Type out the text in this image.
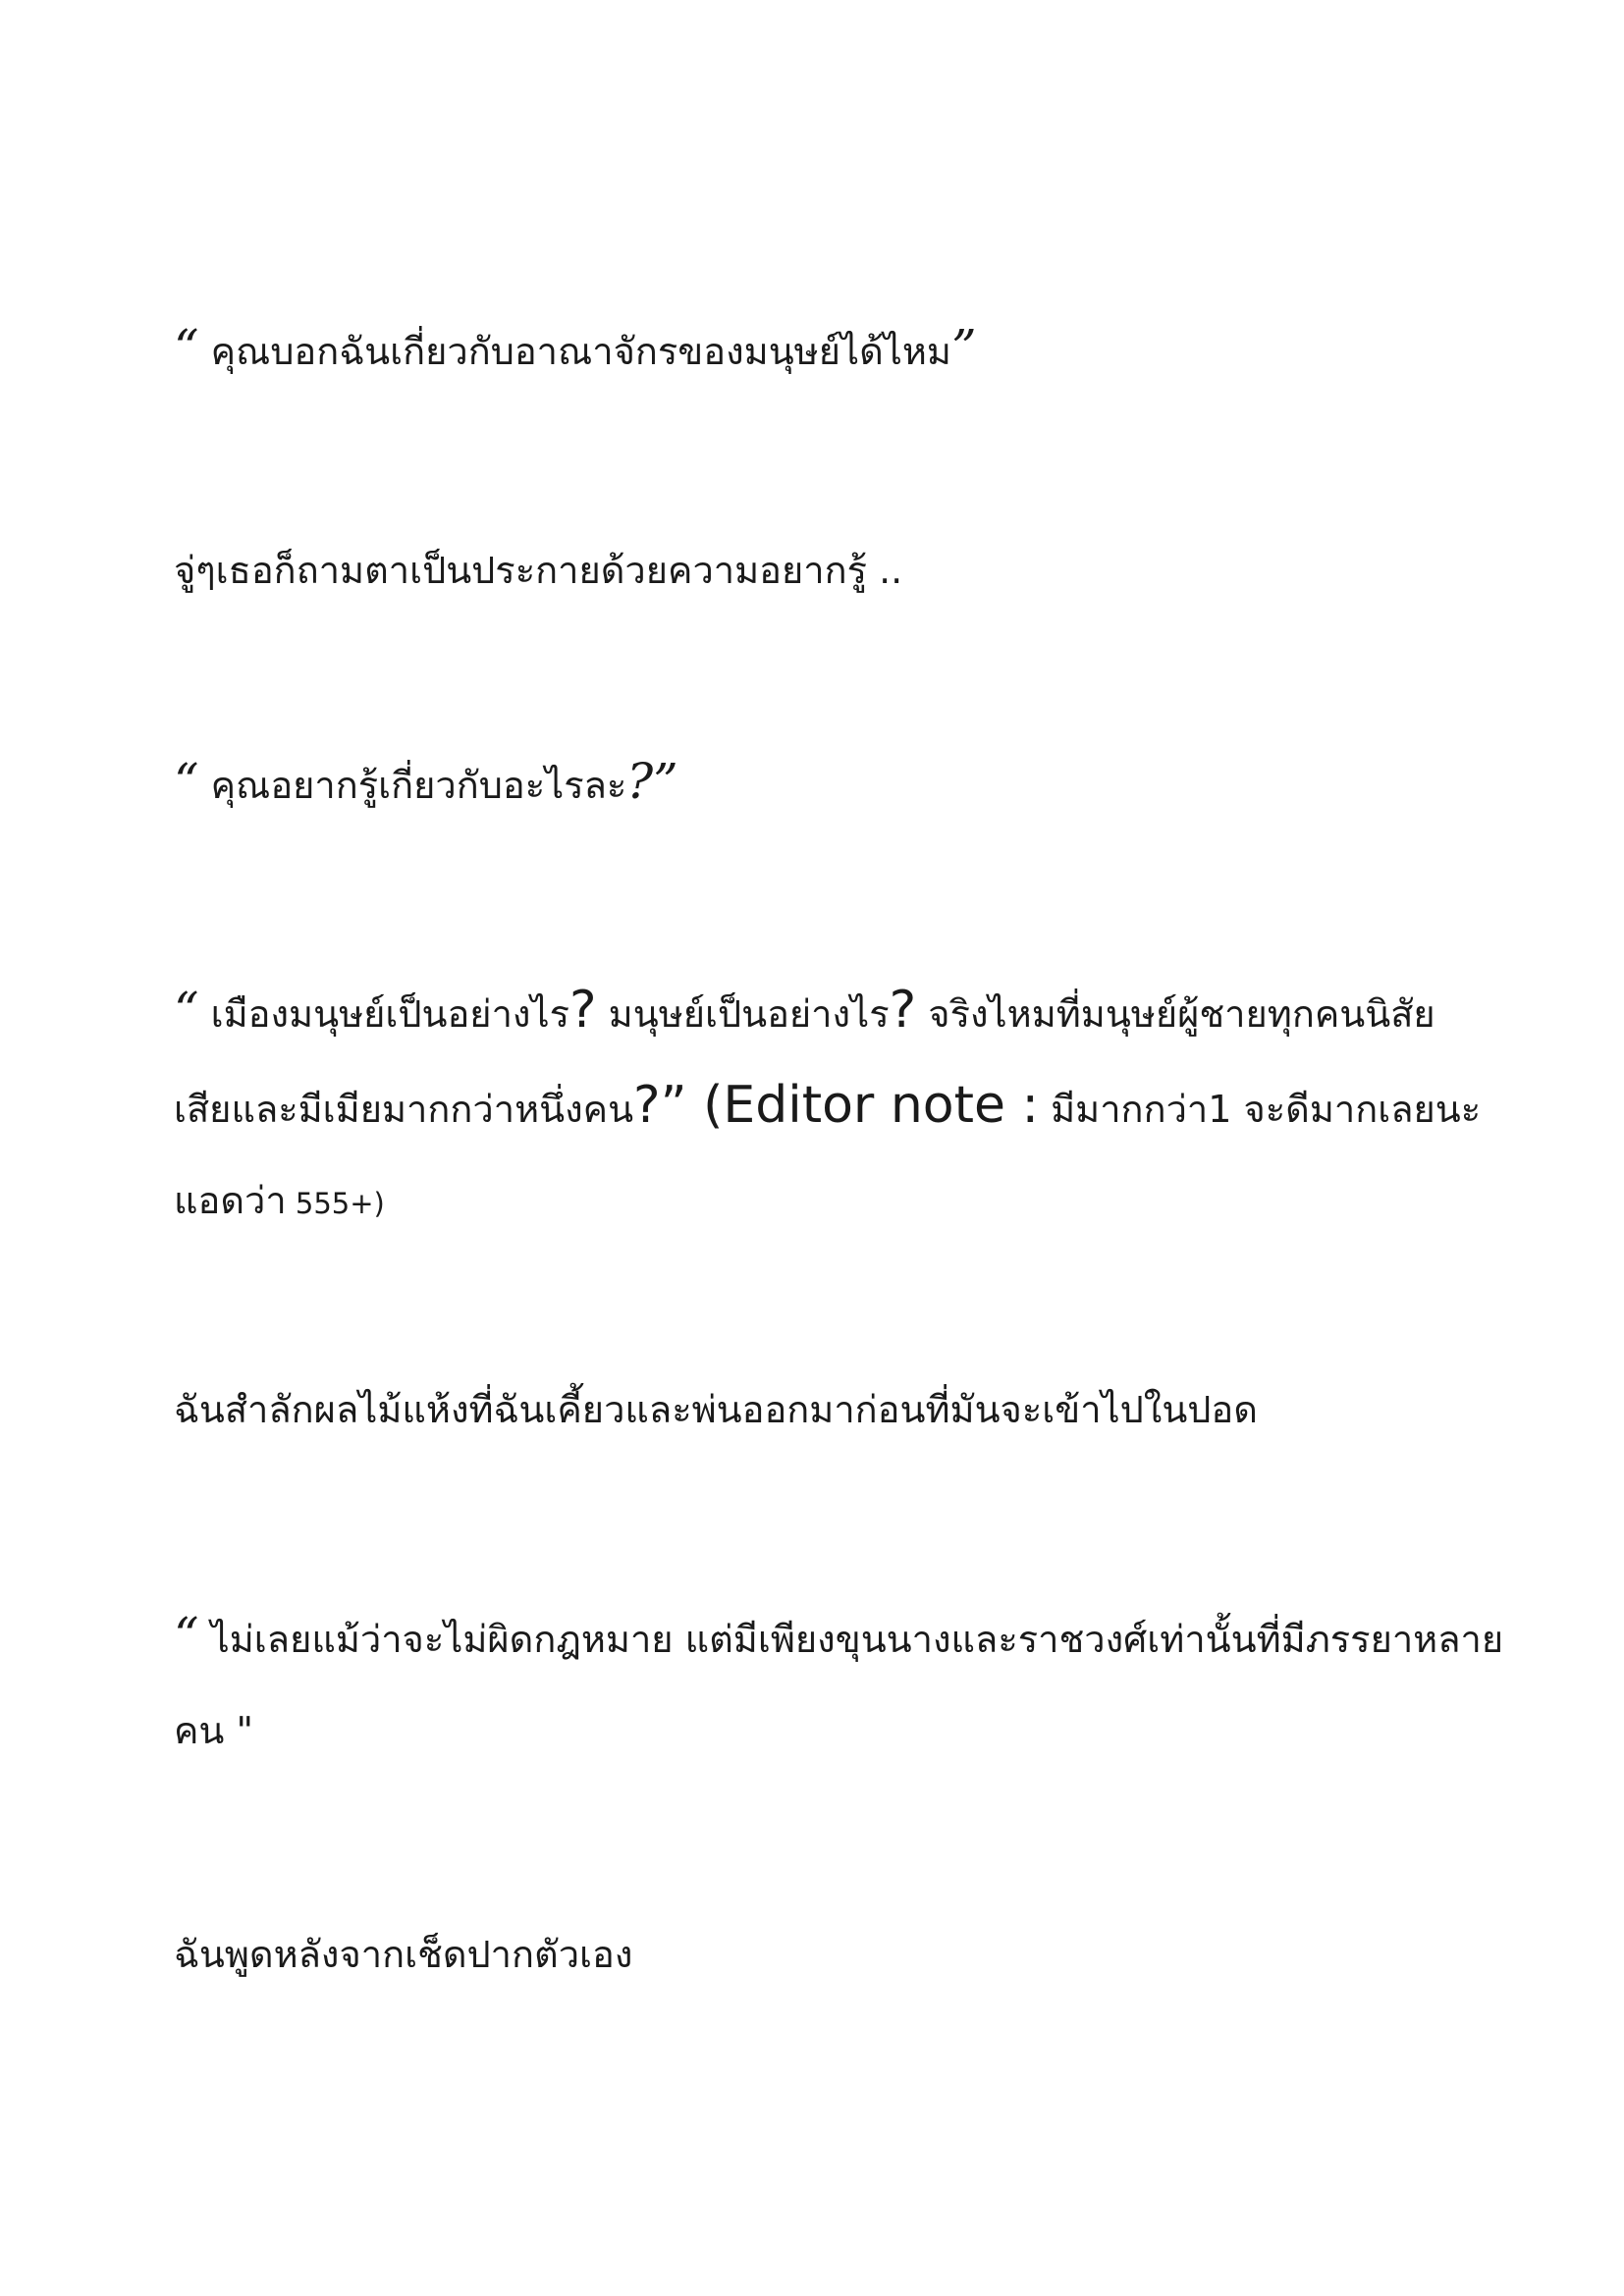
“ คุณบอกฉันเกี่ยวกับอาณาจักรของมนุษย์ได้ไหม”
จู่ๆเธอก็ถามตาเป็นประกายด้วยความอยากรู้ ..
“ คุณอยากรู้เกี่ยวกับอะไรละ?”
“ เมืองมนุษย์เป็นอย่างไร? มนุษย์เป็นอย่างไร? จริงไหมที่มนุษย์ผู้ชายทุกคนนิสัย
เสียและมีเมียมากกว่าหนึ่งคน?” (Editor note : มีมากกว่า1 จะดีมากเลยนะ
แอดว่า 555+)
ฉันสำลักผลไม้แห้งที่ฉันเคี้ยวและพ่นออกมาก่อนที่มันจะเข้าไปในปอด
“ ไม่เลยแม้ว่าจะไม่ผิดกฎหมาย แต่มีเพียงขุนนางและราชวงศ์เท่านั้นที่มีภรรยาหลาย
คน "
ฉันพูดหลังจากเช็ดปากตัวเอง
